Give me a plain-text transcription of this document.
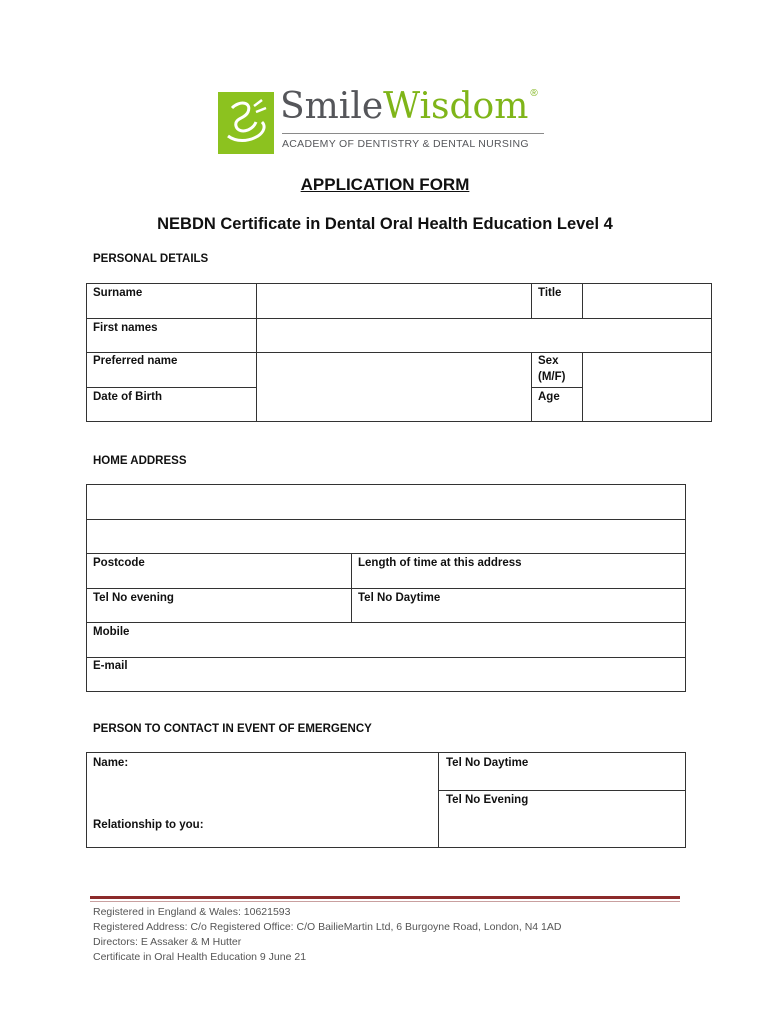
SmileWisdom ®
ACADEMY OF DENTISTRY & DENTAL NURSING
APPLICATION FORM
NEBDN Certificate in Dental Oral Health Education Level 4
PERSONAL DETAILS
Surname	Title
First names
Preferred name	Sex (M/F)
Date of Birth	Age
HOME ADDRESS
Postcode	Length of time at this address
Tel No evening	Tel No Daytime
Mobile
E-mail
PERSON TO CONTACT IN EVENT OF EMERGENCY
Name:	Tel No Daytime
Tel No Evening
Relationship to you:
Registered in England & Wales: 10621593
Registered Address: C/o Registered Office: C/O BailieMartin Ltd, 6 Burgoyne Road, London, N4 1AD
Directors: E Assaker & M Hutter
Certificate in Oral Health Education 9 June 21
